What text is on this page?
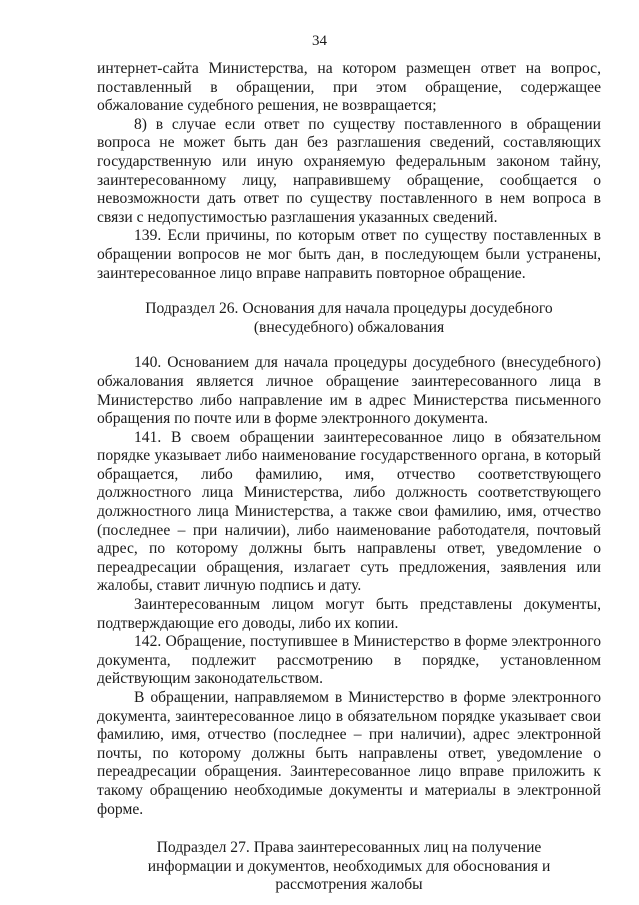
34

интернет-сайта Министерства, на котором размещен ответ на вопрос, поставленный в обращении, при этом обращение, содержащее обжалование судебного решения, не возвращается;

8) в случае если ответ по существу поставленного в обращении вопроса не может быть дан без разглашения сведений, составляющих государственную или иную охраняемую федеральным законом тайну, заинтересованному лицу, направившему обращение, сообщается о невозможности дать ответ по существу поставленного в нем вопроса в связи с недопустимостью разглашения указанных сведений.

139. Если причины, по которым ответ по существу поставленных в обращении вопросов не мог быть дан, в последующем были устранены, заинтересованное лицо вправе направить повторное обращение.

Подраздел 26. Основания для начала процедуры досудебного (внесудебного) обжалования

140. Основанием для начала процедуры досудебного (внесудебного) обжалования является личное обращение заинтересованного лица в Министерство либо направление им в адрес Министерства письменного обращения по почте или в форме электронного документа.

141. В своем обращении заинтересованное лицо в обязательном порядке указывает либо наименование государственного органа, в который обращается, либо фамилию, имя, отчество соответствующего должностного лица Министерства, либо должность соответствующего должностного лица Министерства, а также свои фамилию, имя, отчество (последнее – при наличии), либо наименование работодателя, почтовый адрес, по которому должны быть направлены ответ, уведомление о переадресации обращения, излагает суть предложения, заявления или жалобы, ставит личную подпись и дату.

Заинтересованным лицом могут быть представлены документы, подтверждающие его доводы, либо их копии.

142. Обращение, поступившее в Министерство в форме электронного документа, подлежит рассмотрению в порядке, установленном действующим законодательством.

В обращении, направляемом в Министерство в форме электронного документа, заинтересованное лицо в обязательном порядке указывает свои фамилию, имя, отчество (последнее – при наличии), адрес электронной почты, по которому должны быть направлены ответ, уведомление о переадресации обращения. Заинтересованное лицо вправе приложить к такому обращению необходимые документы и материалы в электронной форме.

Подраздел 27. Права заинтересованных лиц на получение информации и документов, необходимых для обоснования и рассмотрения жалобы
